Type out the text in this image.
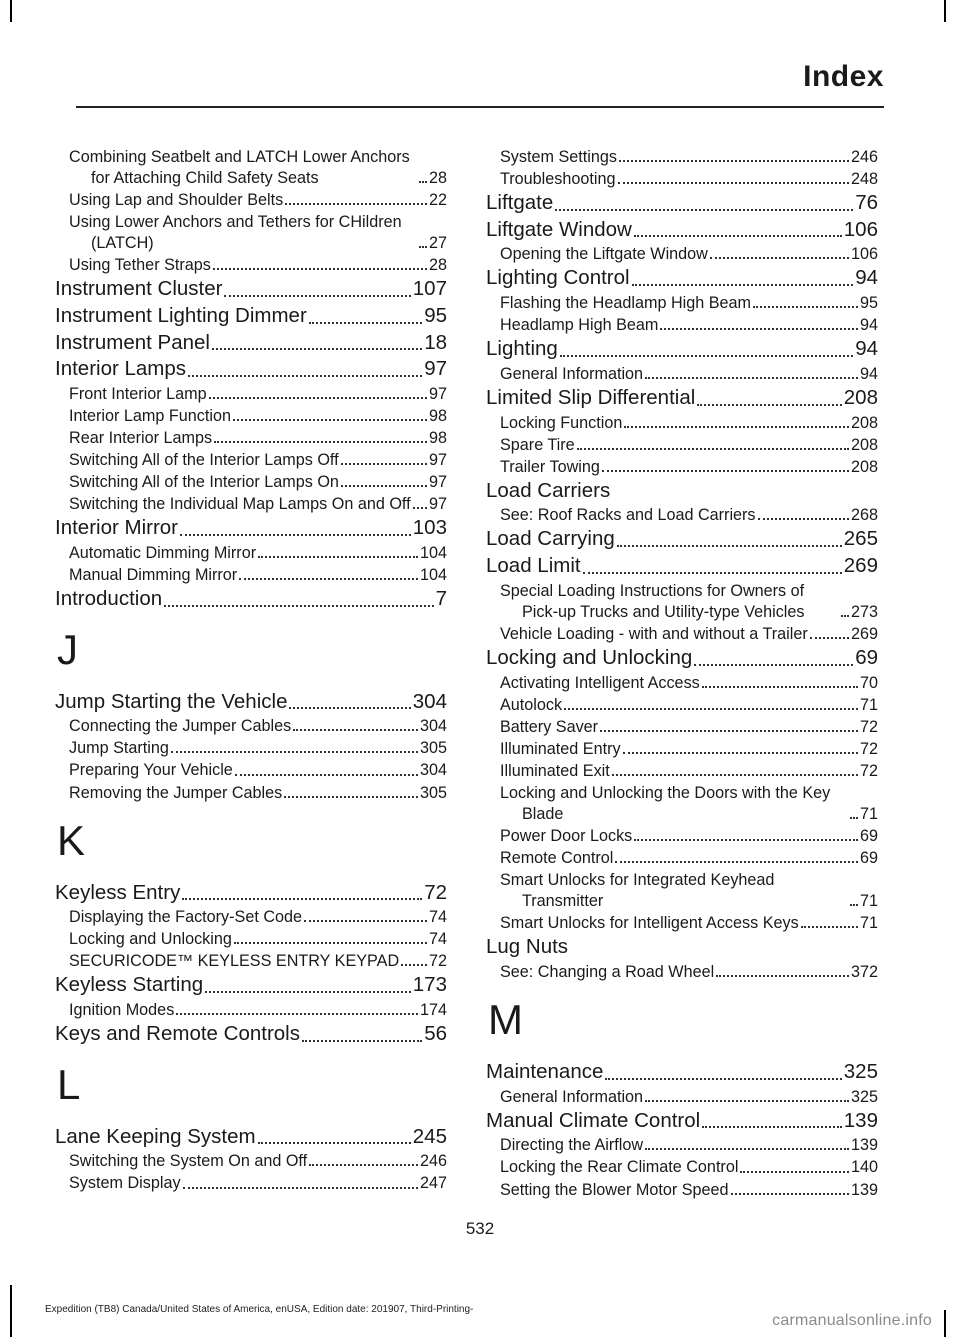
Index
Combining Seatbelt and LATCH Lower Anchors for Attaching Child Safety Seats	28
Using Lap and Shoulder Belts	22
Using Lower Anchors and Tethers for CHildren (LATCH)	27
Using Tether Straps	28
Instrument Cluster	107
Instrument Lighting Dimmer	95
Instrument Panel	18
Interior Lamps	97
Front Interior Lamp	97
Interior Lamp Function	98
Rear Interior Lamps	98
Switching All of the Interior Lamps Off	97
Switching All of the Interior Lamps On	97
Switching the Individual Map Lamps On and Off 97
Interior Mirror	103
Automatic Dimming Mirror	104
Manual Dimming Mirror	104
Introduction	7
J
Jump Starting the Vehicle	304
Connecting the Jumper Cables	304
Jump Starting	305
Preparing Your Vehicle	304
Removing the Jumper Cables	305
K
Keyless Entry	72
Displaying the Factory-Set Code	74
Locking and Unlocking	74
SECURICODE™ KEYLESS ENTRY KEYPAD 72
Keyless Starting	173
Ignition Modes	174
Keys and Remote Controls	56
L
Lane Keeping System	245
Switching the System On and Off	246
System Display	247
System Settings	246
Troubleshooting	248
Liftgate	76
Liftgate Window	106
Opening the Liftgate Window	106
Lighting Control	94
Flashing the Headlamp High Beam	95
Headlamp High Beam	94
Lighting	94
General Information	94
Limited Slip Differential	208
Locking Function	208
Spare Tire	208
Trailer Towing	208
Load Carriers
See: Roof Racks and Load Carriers	268
Load Carrying	265
Load Limit	269
Special Loading Instructions for Owners of Pick-up Trucks and Utility-type Vehicles	273
Vehicle Loading - with and without a Trailer	269
Locking and Unlocking	69
Activating Intelligent Access	70
Autolock	71
Battery Saver	72
Illuminated Entry	72
Illuminated Exit	72
Locking and Unlocking the Doors with the Key Blade	71
Power Door Locks	69
Remote Control	69
Smart Unlocks for Integrated Keyhead Transmitter	71
Smart Unlocks for Intelligent Access Keys	71
Lug Nuts
See: Changing a Road Wheel	372
M
Maintenance	325
General Information	325
Manual Climate Control	139
Directing the Airflow	139
Locking the Rear Climate Control	140
Setting the Blower Motor Speed	139
532
Expedition (TB8) Canada/United States of America, enUSA, Edition date: 201907, Third-Printing-
carmanualsonline.info
